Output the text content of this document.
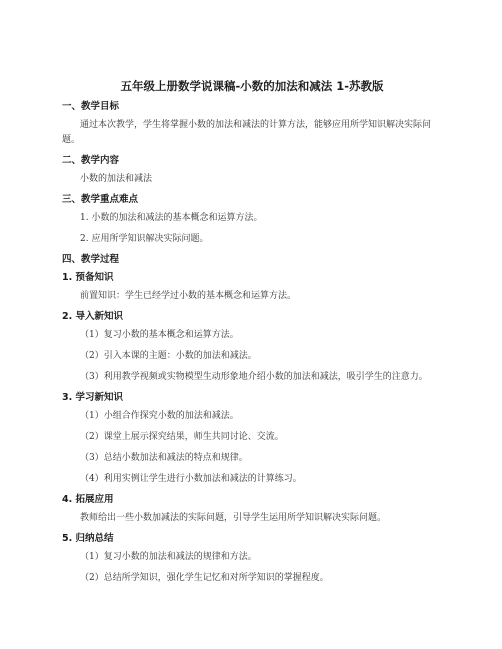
五年级上册数学说课稿-小数的加法和减法 1-苏教版
一、教学目标
通过本次教学，学生将掌握小数的加法和减法的计算方法，能够应用所学知识解决实际问题。
二、教学内容
小数的加法和减法
三、教学重点难点
1. 小数的加法和减法的基本概念和运算方法。
2. 应用所学知识解决实际问题。
四、教学过程
1. 预备知识
前置知识：学生已经学过小数的基本概念和运算方法。
2. 导入新知识
（1）复习小数的基本概念和运算方法。
（2）引入本课的主题：小数的加法和减法。
（3）利用教学视频或实物模型生动形象地介绍小数的加法和减法，吸引学生的注意力。
3. 学习新知识
（1）小组合作探究小数的加法和减法。
（2）课堂上展示探究结果，师生共同讨论、交流。
（3）总结小数加法和减法的特点和规律。
（4）利用实例让学生进行小数加法和减法的计算练习。
4. 拓展应用
教师给出一些小数加减法的实际问题，引导学生运用所学知识解决实际问题。
5. 归纳总结
（1）复习小数的加法和减法的规律和方法。
（2）总结所学知识，强化学生记忆和对所学知识的掌握程度。
